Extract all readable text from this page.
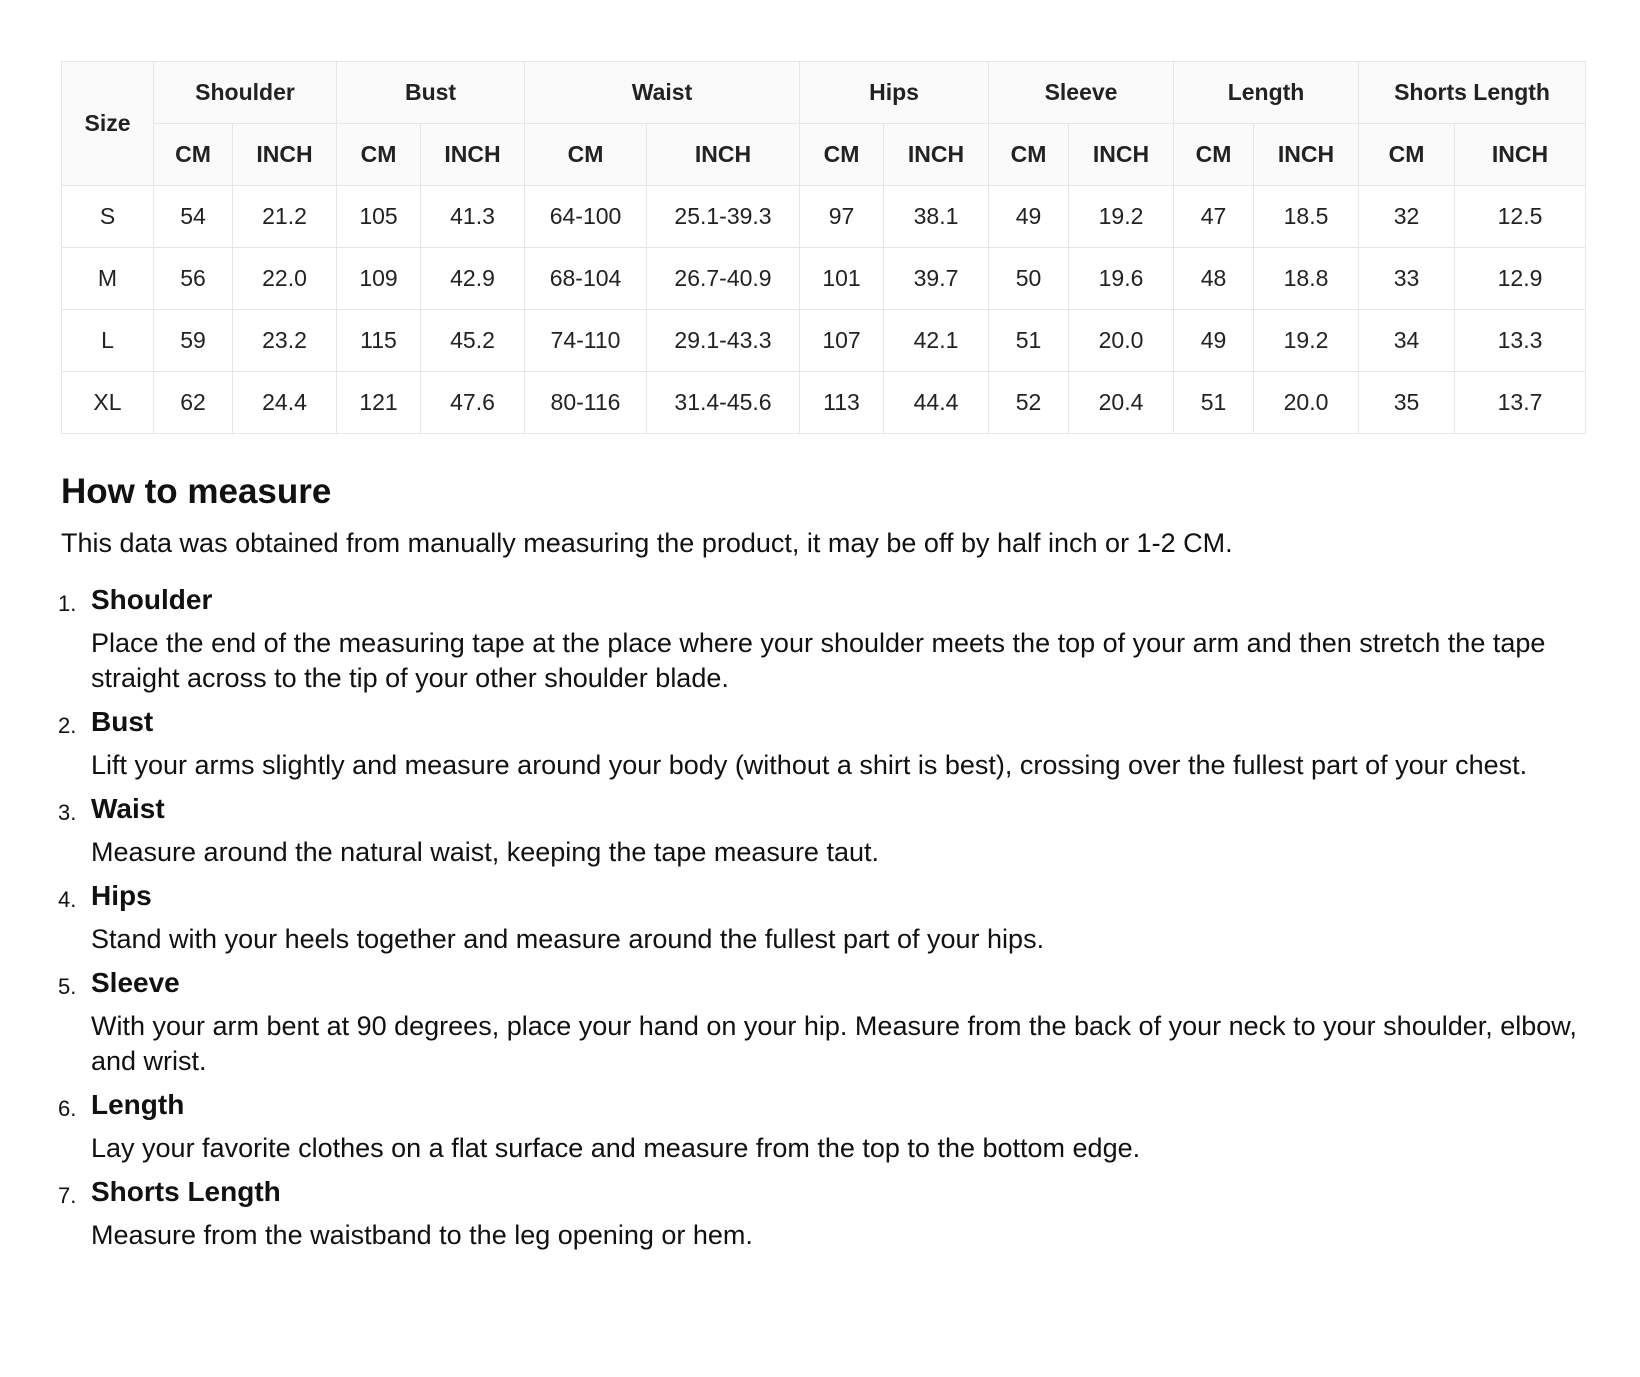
Size	Shoulder		Bust		Waist		Hips		Sleeve		Length		Shorts Length	
	CM	INCH	CM	INCH	CM	INCH	CM	INCH	CM	INCH	CM	INCH	CM	INCH
S	54	21.2	105	41.3	64-100	25.1-39.3	97	38.1	49	19.2	47	18.5	32	12.5
M	56	22.0	109	42.9	68-104	26.7-40.9	101	39.7	50	19.6	48	18.8	33	12.9
L	59	23.2	115	45.2	74-110	29.1-43.3	107	42.1	51	20.0	49	19.2	34	13.3
XL	62	24.4	121	47.6	80-116	31.4-45.6	113	44.4	52	20.4	51	20.0	35	13.7
How to measure

This data was obtained from manually measuring the product, it may be off by half inch or 1-2 CM.

1. Shoulder
Place the end of the measuring tape at the place where your shoulder meets the top of your arm and then stretch the tape straight across to the tip of your other shoulder blade.
2. Bust
Lift your arms slightly and measure around your body (without a shirt is best), crossing over the fullest part of your chest.
3. Waist
Measure around the natural waist, keeping the tape measure taut.
4. Hips
Stand with your heels together and measure around the fullest part of your hips.
5. Sleeve
With your arm bent at 90 degrees, place your hand on your hip. Measure from the back of your neck to your shoulder, elbow, and wrist.
6. Length
Lay your favorite clothes on a flat surface and measure from the top to the bottom edge.
7. Shorts Length
Measure from the waistband to the leg opening or hem.
